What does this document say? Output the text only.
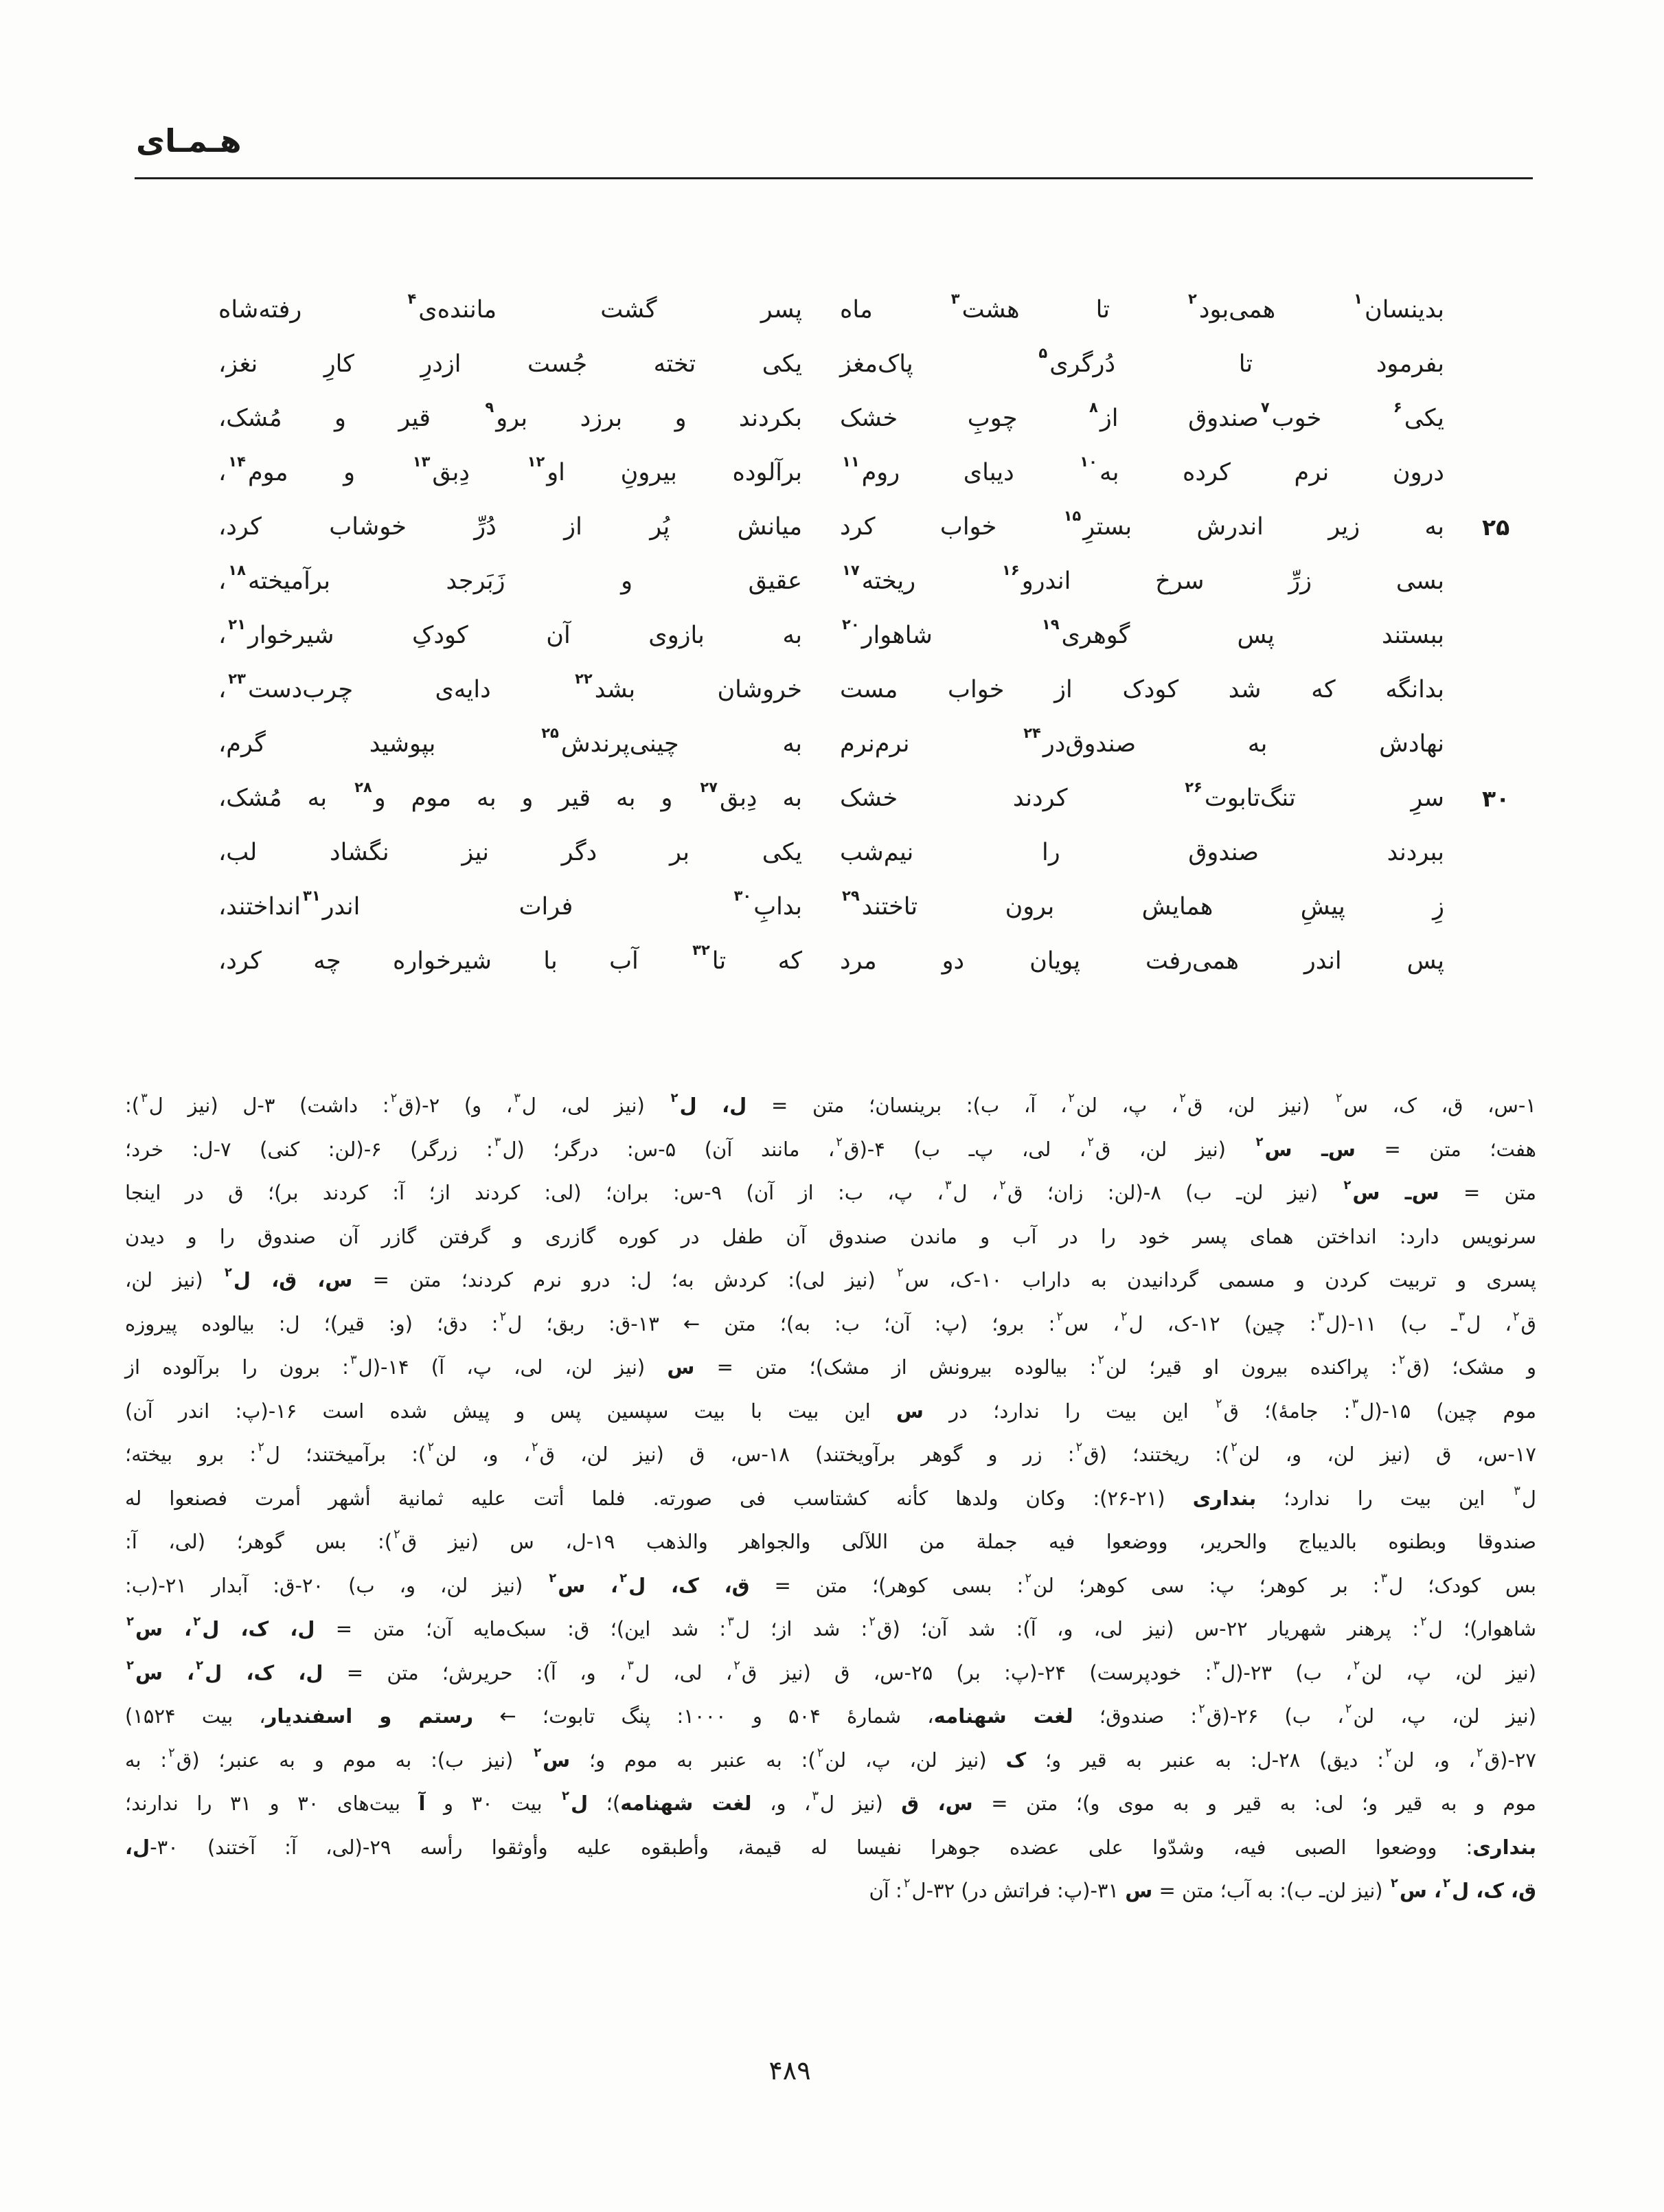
هـمـای
بدینسان$^۱$ همی‌بود$^۲$ تا هشت$^۳$ ماه
پسر گشت ماننده‌ی$^۴$ رفته‌شاه
بفرمود تا دُرگری$^۵$ پاک‌مغز
یکی تخته جُست ازدرِ کارِ نغز،
یکی$^۶$ خوب$^۷$صندوق از$^۸$ چوبِ خشک
بکردند و برزد برو$^۹$ قیر و مُشک،
درون نرم کرده به$^{۱۰}$ دیبای روم$^{۱۱}$
برآلوده بیرونِ او$^{۱۲}$ دِبق$^{۱۳}$ و موم$^{۱۴}$،
۲۵
به زیر اندرش بسترِ$^{۱۵}$ خواب کرد
میانش پُر از دُرِّ خوشاب کرد،
بسی زرِّ سرخ اندرو$^{۱۶}$ ریخته$^{۱۷}$
عقیق و زَبَرجد برآمیخته$^{۱۸}$،
ببستند پس گوهری$^{۱۹}$ شاهوار$^{۲۰}$
به بازوی آن کودکِ شیرخوار$^{۲۱}$،
بدانگه که شد کودک از خواب مست
خروشان بشد$^{۲۲}$ دایه‌ی چرب‌دست$^{۲۳}$،
نهادش به صندوق‌در$^{۲۴}$ نرم‌نرم
به چینی‌پرندش$^{۲۵}$ بپوشید گرم،
۳۰
سرِ تنگ‌تابوت$^{۲۶}$ کردند خشک
به دِبق$^{۲۷}$ و به قیر و به موم و$^{۲۸}$ به مُشک،
ببردند صندوق را نیم‌شب
یکی بر دگر نیز نگشاد لب،
زِ پیشِ همایش برون تاختند$^{۲۹}$
بدابِ$^{۳۰}$ فرات اندر$^{۳۱}$انداختند،
پس اندر همی‌رفت پویان دو مرد
که تا$^{۳۲}$ آب با شیرخواره چه کرد،
۱-س، ق، ک، س$^۲$ (نیز لن، ق$^۲$، پ، لن$^۲$، آ، ب): برینسان؛ متن = ل، ل$^۲$ (نیز لی، ل$^۳$، و) ۲-(ق$^۲$: داشت) ۳-ل (نیز ل$^۳$):
هفت؛ متن = س‌ـ س$^۲$ (نیز لن، ق$^۲$، لی، پ‌ـ ب) ۴-(ق$^۲$، مانند آن) ۵-س: درگر؛ (ل$^۳$: زرگر) ۶-(لن: کنی) ۷-ل: خرد؛
متن = س‌ـ س$^۲$ (نیز لن‌ـ ب) ۸-(لن: زان؛ ق$^۲$، ل$^۳$، پ، ب: از آن) ۹-س: بران؛ (لی: کردند از؛ آ: کردند بر)؛ ق در اینجا
سرنویس دارد: انداختن همای پسر خود را در آب و ماندن صندوق آن طفل در کوره گازری و گرفتن گازر آن صندوق را و دیدن
پسری و تربیت کردن و مسمی گردانیدن به داراب ۱۰-ک، س$^۲$ (نیز لی): کردش به؛ ل: درو نرم کردند؛ متن = س، ق، ل$^۲$ (نیز لن،
ق$^۲$، ل$^۳$‌ـ ب) ۱۱-(ل$^۳$: چین) ۱۲-ک، ل$^۲$، س$^۲$: برو؛ (پ: آن؛ ب: به)؛ متن ← ۱۳-ق: ربق؛ ل$^۲$: دق؛ (و: قیر)؛ ل: بیالوده پیروزه
و مشک؛ (ق$^۲$: پراکنده بیرون او قیر؛ لن$^۲$: بیالوده بیرونش از مشک)؛ متن = س (نیز لن، لی، پ، آ) ۱۴-(ل$^۳$: برون را برآلوده از
موم چین) ۱۵-(ل$^۳$: جامهٔ)؛ ق$^۲$ این بیت را ندارد؛ در س این بیت با بیت سپسین پس و پیش شده است ۱۶-(پ: اندر آن)
۱۷-س، ق (نیز لن، و، لن$^۲$): ریختند؛ (ق$^۲$: زر و گوهر برآویختند) ۱۸-س، ق (نیز لن، ق$^۲$، و، لن$^۲$): برآمیختند؛ ل$^۲$: برو بیخته؛
ل$^۳$ این بیت را ندارد؛ بنداری (۲۱-۲۶): وکان ولدها کأنه کشتاسب فی صورته. فلما أتت علیه ثمانیة أشهر أمرت فصنعوا له
صندوقا وبطنوه بالدیباج والحریر، ووضعوا فیه جملة من اللآلی والجواهر والذهب ۱۹-ل، س (نیز ق$^۲$): بس گوهر؛ (لی، آ:
بس کودک؛ ل$^۳$: بر کوهر؛ پ: سی کوهر؛ لن$^۲$: بسی کوهر)؛ متن = ق، ک، ل$^۲$، س$^۲$ (نیز لن، و، ب) ۲۰-ق: آبدار ۲۱-(ب:
شاهوار)؛ ل$^۲$: پرهنر شهریار ۲۲-س (نیز لی، و، آ): شد آن؛ (ق$^۲$: شد از؛ ل$^۳$: شد این)؛ ق: سبک‌مایه آن؛ متن = ل، ک، ل$^۲$، س$^۲$
(نیز لن، پ، لن$^۲$، ب) ۲۳-(ل$^۳$: خودپرست) ۲۴-(پ: بر) ۲۵-س، ق (نیز ق$^۲$، لی، ل$^۳$، و، آ): حریرش؛ متن = ل، ک، ل$^۲$، س$^۲$
(نیز لن، پ، لن$^۲$، ب) ۲۶-(ق$^۲$: صندوق؛ لغت شهنامه، شمارهٔ ۵۰۴ و ۱۰۰۰: پنگ تابوت؛ ← رستم و اسفندیار، بیت ۱۵۲۴)
۲۷-(ق$^۲$، و، لن$^۲$: دیق) ۲۸-ل: به عنبر به قیر و؛ ک (نیز لن، پ، لن$^۲$): به عنبر به موم و؛ س$^۲$ (نیز ب): به موم و به عنبر؛ (ق$^۲$: به
موم و به قیر و؛ لی: به قیر و به موی و)؛ متن = س، ق (نیز ل$^۳$، و، لغت شهنامه)؛ ل$^۲$ بیت ۳۰ و آ بیت‌های ۳۰ و ۳۱ را ندارند؛
بنداری: ووضعوا الصبی فیه، وشدّوا علی عضده جوهرا نفیسا له قیمة، وأطبقوه علیه وأوثقوا رأسه ۲۹-(لی، آ: آختند) ۳۰-ل،
ق، ک، ل$^۲$، س$^۲$ (نیز لن‌ـ ب): به آب؛ متن = س ۳۱-(پ: فراتش در) ۳۲-ل$^۲$: آن
۴۸۹
